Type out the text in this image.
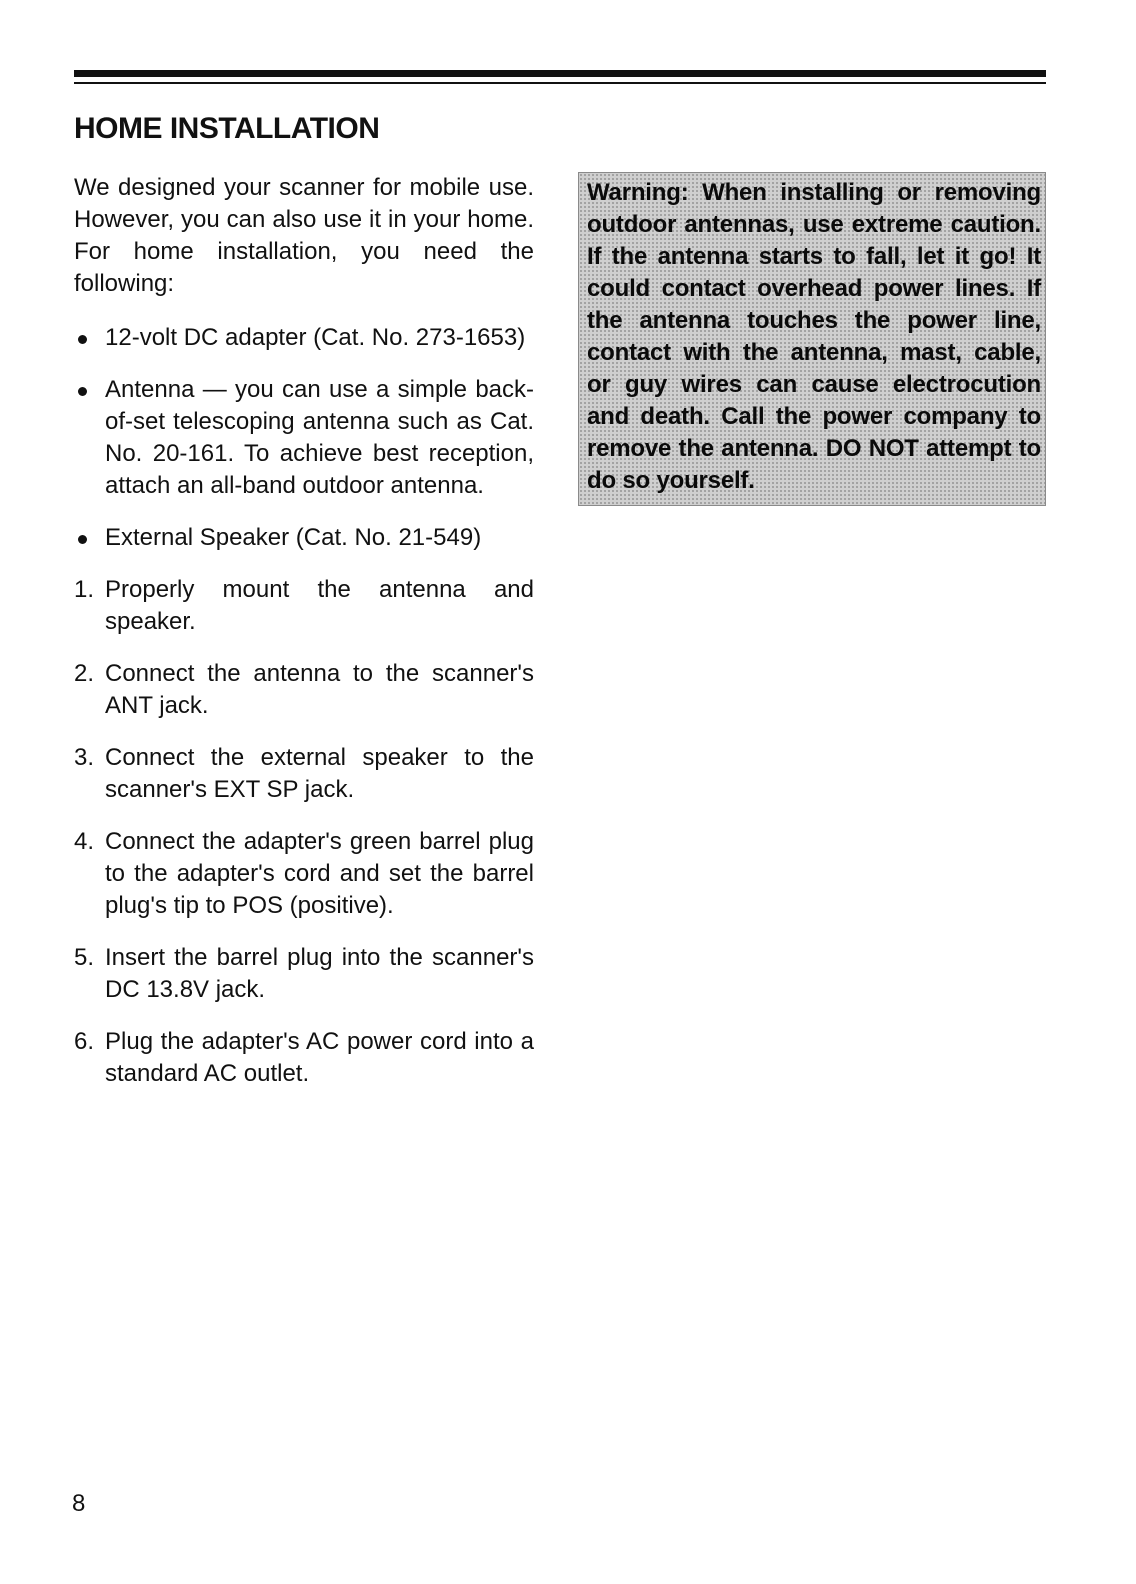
HOME INSTALLATION

We designed your scanner for mobile use. However, you can also use it in your home. For home installation, you need the following:

12-volt DC adapter (Cat. No. 273-1653)
Antenna — you can use a simple back-of-set telescoping antenna such as Cat. No. 20-161. To achieve best reception, attach an all-band outdoor antenna.
External Speaker (Cat. No. 21-549)
1. Properly mount the antenna and speaker.
2. Connect the antenna to the scanner's ANT jack.
3. Connect the external speaker to the scanner's EXT SP jack.
4. Connect the adapter's green barrel plug to the adapter's cord and set the barrel plug's tip to POS (positive).
5. Insert the barrel plug into the scanner's DC 13.8V jack.
6. Plug the adapter's AC power cord into a standard AC outlet.

Warning: When installing or removing outdoor antennas, use extreme caution. If the antenna starts to fall, let it go! It could contact overhead power lines. If the antenna touches the power line, contact with the antenna, mast, cable, or guy wires can cause electrocution and death. Call the power company to remove the antenna. DO NOT attempt to do so yourself.

8
